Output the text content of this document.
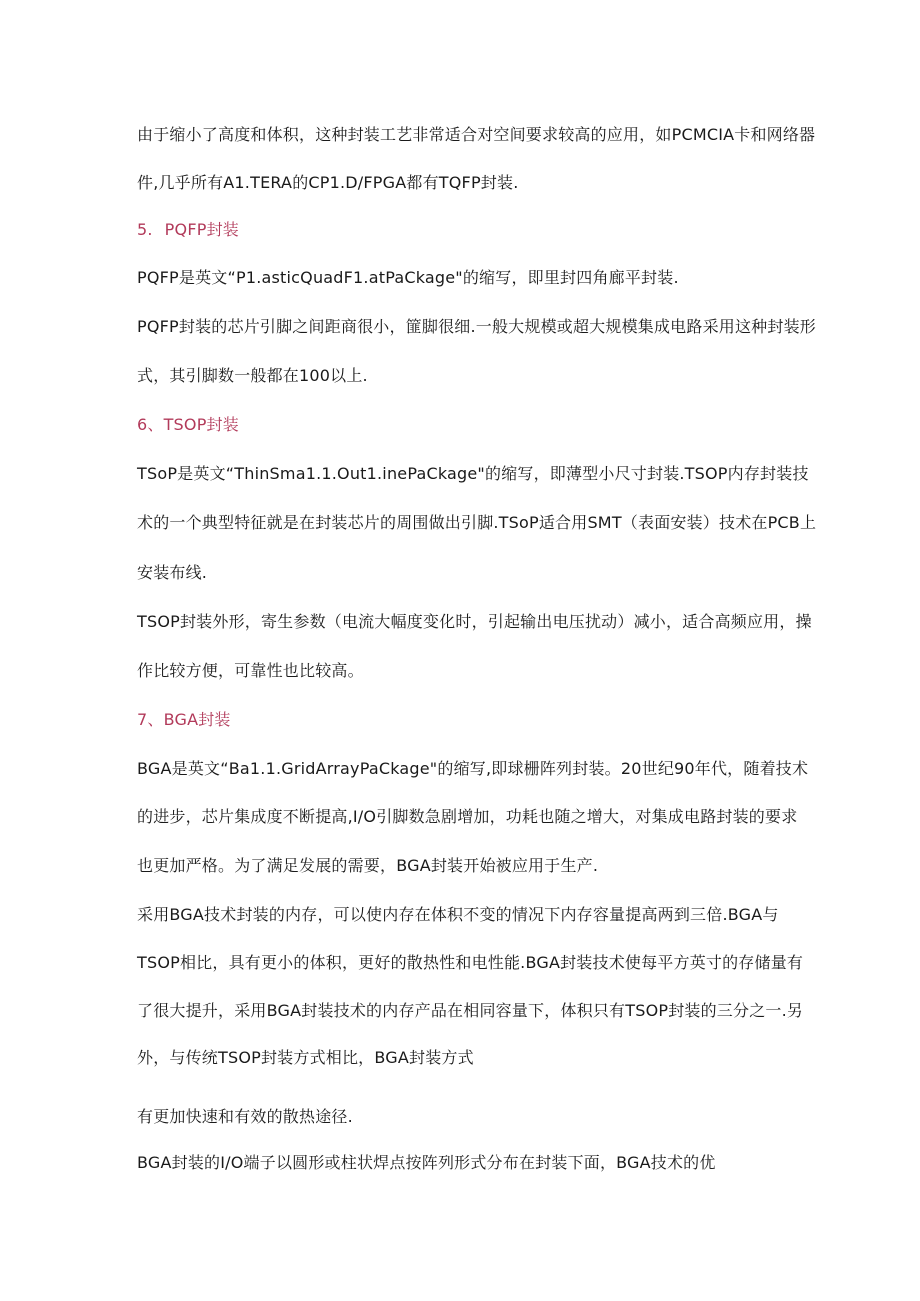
由于缩小了高度和体积，这种封装工艺非常适合对空间要求较高的应用，如PCMCIA卡和网络器
件,几乎所有A1.TERA的CP1.D/FPGA都有TQFP封装.
5. PQFP封装
PQFP是英文“P1.asticQuadF1.atPaCkage"的缩写，即里封四角廊平封装.
PQFP封装的芯片引脚之间距商很小，篚脚很细.一般大规模或超大规模集成电路采用这种封装形
式，其引脚数一般都在100以上.
6、TSOP封装
TSoP是英文“ThinSma1.1.Out1.inePaCkage"的缩写，即薄型小尺寸封装.TSOP内存封装技
术的一个典型特征就是在封装芯片的周围做出引脚.TSoP适合用SMT（表面安装）技术在PCB上
安装布线.
TSOP封装外形，寄生参数（电流大幅度变化时，引起输出电压扰动）减小，适合高频应用，操
作比较方便，可靠性也比较高。
7、BGA封装
BGA是英文“Ba1.1.GridArrayPaCkage"的缩写,即球栅阵列封装。20世纪90年代，随着技术
的进步，芯片集成度不断提高,I/O引脚数急剧增加，功耗也随之增大，对集成电路封装的要求
也更加严格。为了满足发展的需要，BGA封装开始被应用于生产.
采用BGA技术封装的内存，可以使内存在体积不变的情况下内存容量提高两到三倍.BGA与
TSOP相比，具有更小的体积，更好的散热性和电性能.BGA封装技术使每平方英寸的存储量有
了很大提升，采用BGA封装技术的内存产品在相同容量下，体积只有TSOP封装的三分之一.另
外，与传统TSOP封装方式相比，BGA封装方式
有更加快速和有效的散热途径.
BGA封装的I/O端子以圆形或柱状焊点按阵列形式分布在封装下面，BGA技术的优
